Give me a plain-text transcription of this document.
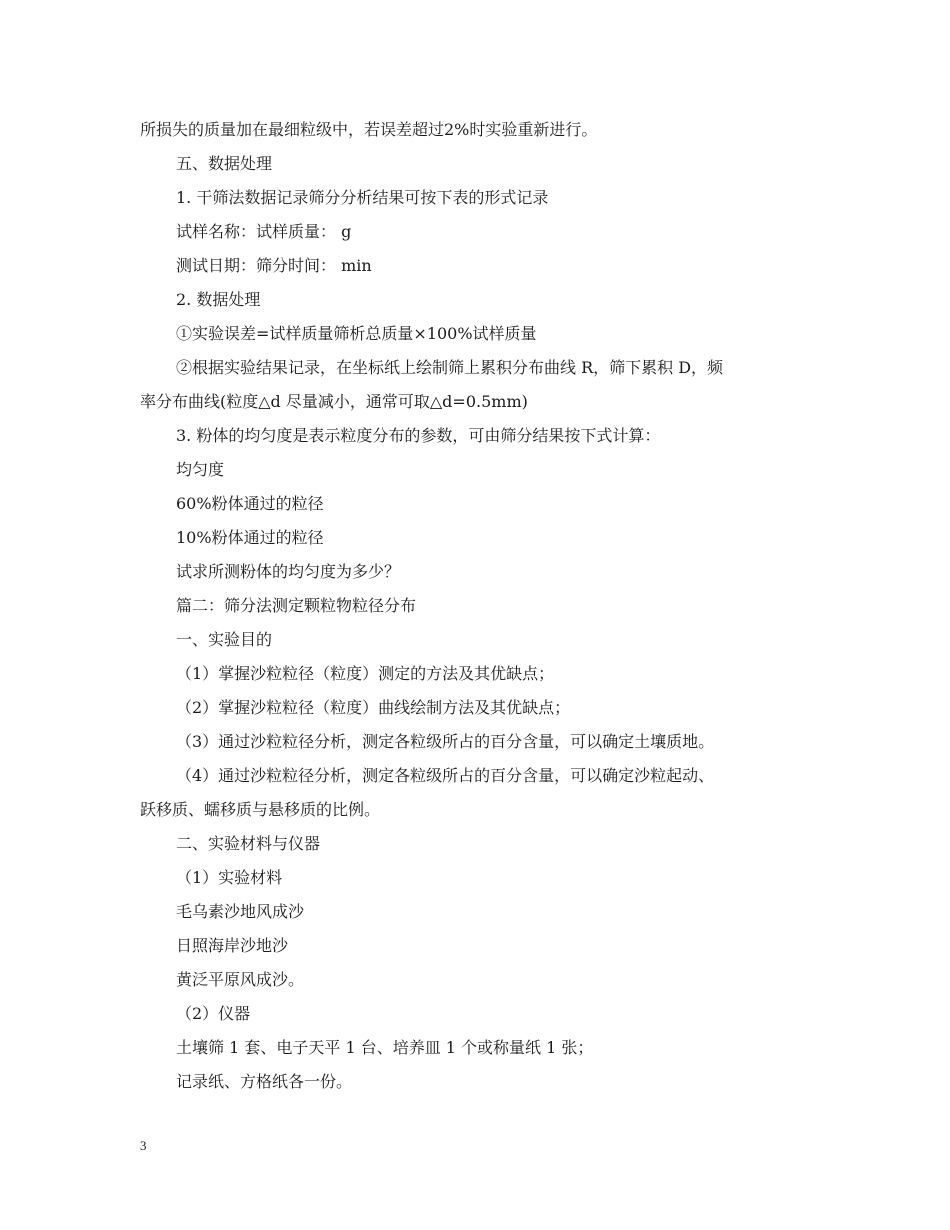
所损失的质量加在最细粒级中，若误差超过2%时实验重新进行。
五、数据处理
1. 干筛法数据记录筛分分析结果可按下表的形式记录
试样名称：试样质量： g
测试日期：筛分时间： min
2. 数据处理
①实验误差=试样质量筛析总质量×100%试样质量
②根据实验结果记录，在坐标纸上绘制筛上累积分布曲线 R，筛下累积 D，频
率分布曲线(粒度△d 尽量减小，通常可取△d=0.5mm)
3. 粉体的均匀度是表示粒度分布的参数，可由筛分结果按下式计算：
均匀度
60%粉体通过的粒径
10%粉体通过的粒径
试求所测粉体的均匀度为多少？
篇二：筛分法测定颗粒物粒径分布
一、实验目的
（1）掌握沙粒粒径（粒度）测定的方法及其优缺点；
（2）掌握沙粒粒径（粒度）曲线绘制方法及其优缺点；
（3）通过沙粒粒径分析，测定各粒级所占的百分含量，可以确定土壤质地。
（4）通过沙粒粒径分析，测定各粒级所占的百分含量，可以确定沙粒起动、
跃移质、蠕移质与悬移质的比例。
二、实验材料与仪器
（1）实验材料
毛乌素沙地风成沙
日照海岸沙地沙
黄泛平原风成沙。
（2）仪器
土壤筛 1 套、电子天平 1 台、培养皿 1 个或称量纸 1 张；
记录纸、方格纸各一份。
3
